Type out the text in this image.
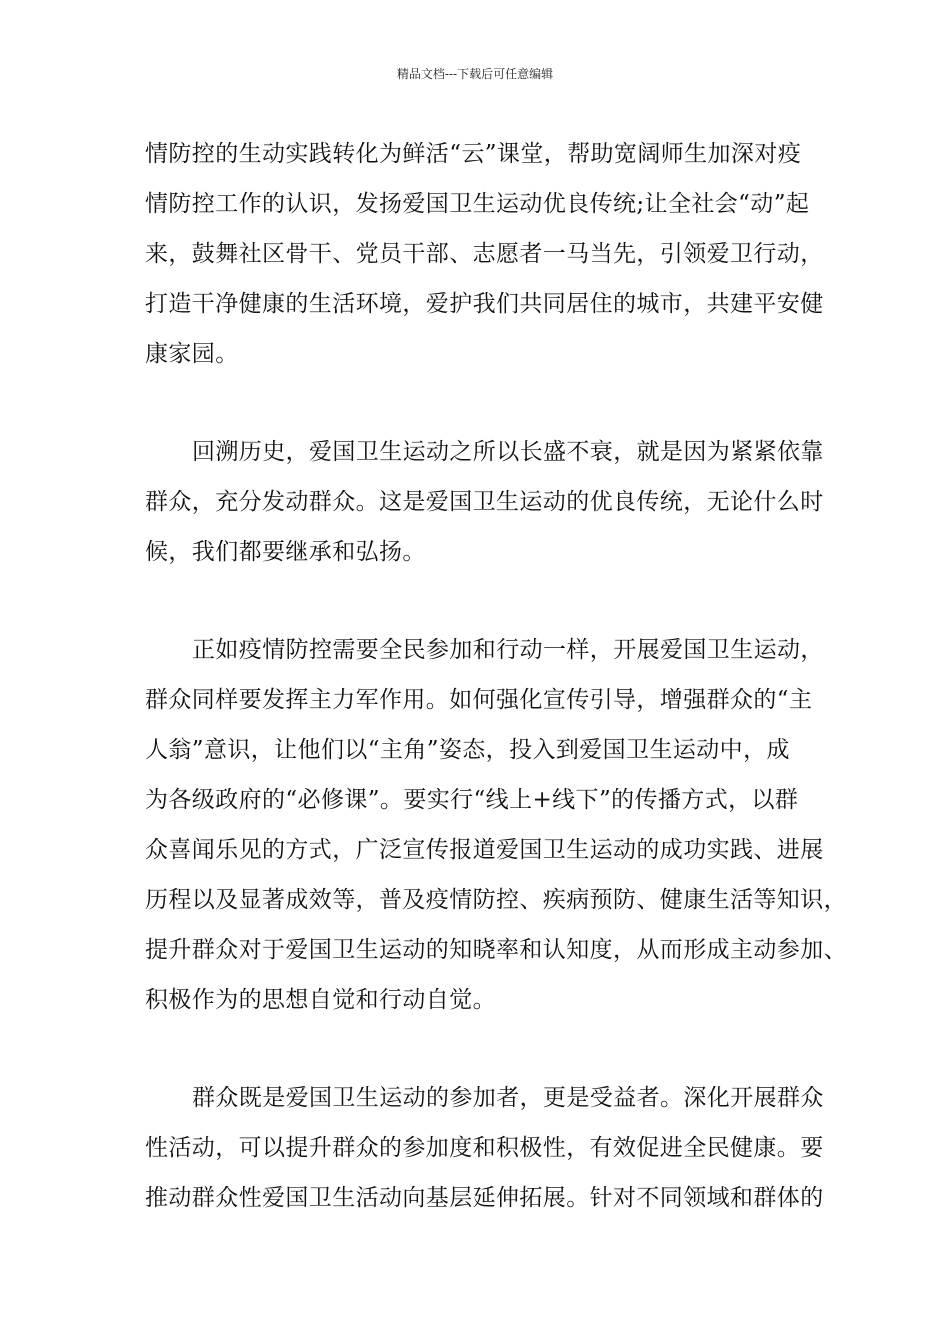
精品文档---下载后可任意编辑
情防控的生动实践转化为鲜活“云”课堂，帮助宽阔师生加深对疫
情防控工作的认识，发扬爱国卫生运动优良传统;让全社会“动”起
来，鼓舞社区骨干、党员干部、志愿者一马当先，引领爱卫行动，
打造干净健康的生活环境，爱护我们共同居住的城市，共建平安健
康家园。
回溯历史，爱国卫生运动之所以长盛不衰，就是因为紧紧依靠
群众，充分发动群众。这是爱国卫生运动的优良传统，无论什么时
候，我们都要继承和弘扬。
正如疫情防控需要全民参加和行动一样，开展爱国卫生运动，
群众同样要发挥主力军作用。如何强化宣传引导，增强群众的“主
人翁”意识，让他们以“主角”姿态，投入到爱国卫生运动中，成
为各级政府的“必修课”。要实行“线上+线下”的传播方式，以群
众喜闻乐见的方式，广泛宣传报道爱国卫生运动的成功实践、进展
历程以及显著成效等，普及疫情防控、疾病预防、健康生活等知识，
提升群众对于爱国卫生运动的知晓率和认知度，从而形成主动参加、
积极作为的思想自觉和行动自觉。
群众既是爱国卫生运动的参加者，更是受益者。深化开展群众
性活动，可以提升群众的参加度和积极性，有效促进全民健康。要
推动群众性爱国卫生活动向基层延伸拓展。针对不同领域和群体的
